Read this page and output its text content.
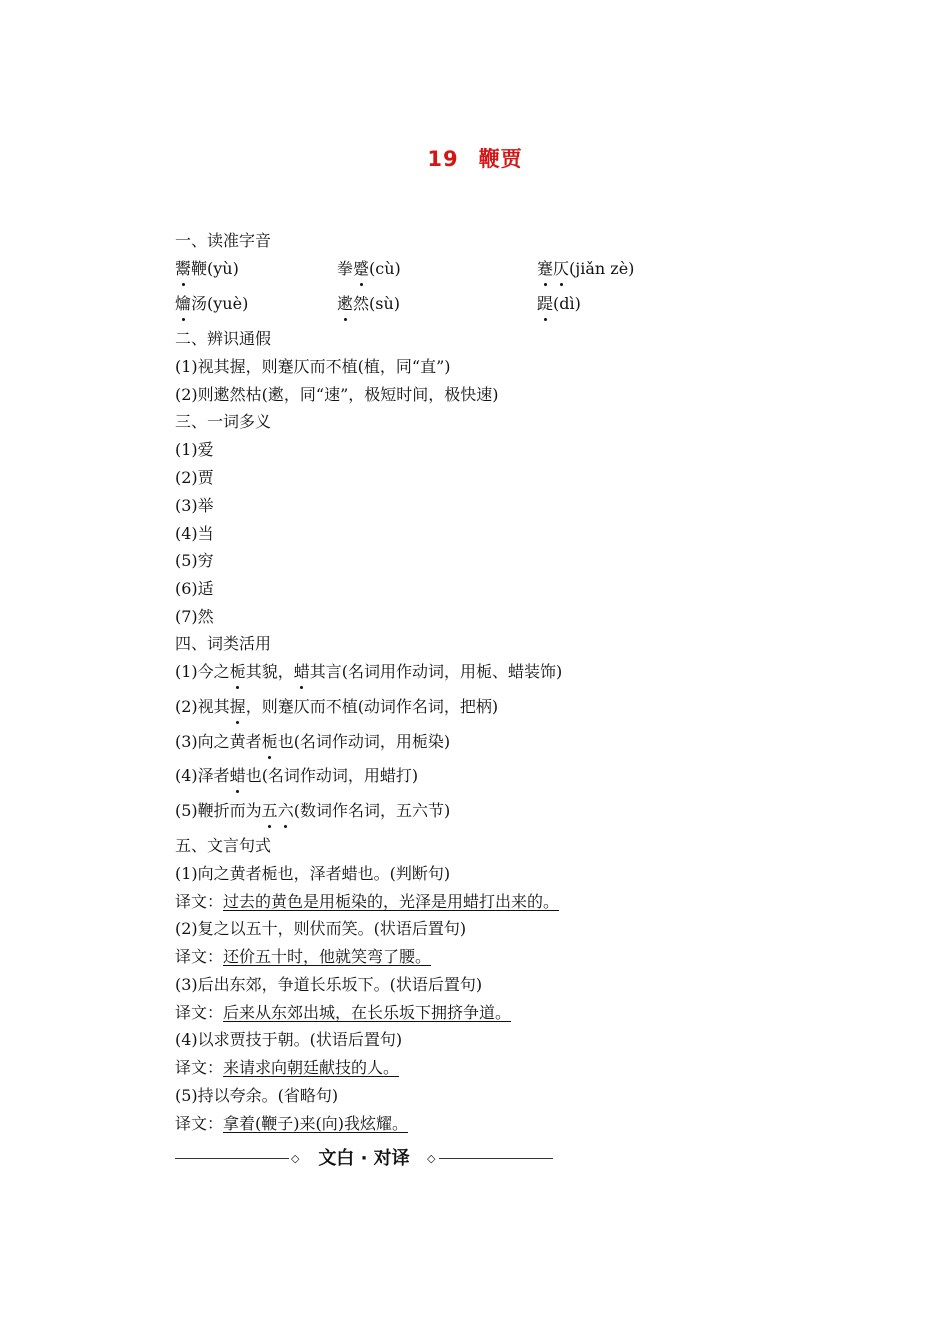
19 鞭贾
一、读准字音
鬻鞭(yù)	拳蹙(cù)	蹇仄(jiǎn zè)
爚汤(yuè)	遬然(sù)	踶(dì)
二、辨识通假
(1)视其握，则蹇仄而不植(植，同“直”)
(2)则遬然枯(遬，同“速”，极短时间，极快速)
三、一词多义
(1)爱
(2)贾
(3)举
(4)当
(5)穷
(6)适
(7)然
四、词类活用
(1)今之栀其貌，蜡其言(名词用作动词，用栀、蜡装饰)
(2)视其握，则蹇仄而不植(动词作名词，把柄)
(3)向之黄者栀也(名词作动词，用栀染)
(4)泽者蜡也(名词作动词，用蜡打)
(5)鞭折而为五六(数词作名词，五六节)
五、文言句式
(1)向之黄者栀也，泽者蜡也。(判断句)
译文：过去的黄色是用栀染的，光泽是用蜡打出来的。
(2)复之以五十，则伏而笑。(状语后置句)
译文：还价五十时，他就笑弯了腰。
(3)后出东郊，争道长乐坂下。(状语后置句)
译文：后来从东郊出城，在长乐坂下拥挤争道。
(4)以求贾技于朝。(状语后置句)
译文：来请求向朝廷献技的人。
(5)持以夸余。(省略句)
译文：拿着(鞭子)来(向)我炫耀。
◇	文白 · 对译	◇
